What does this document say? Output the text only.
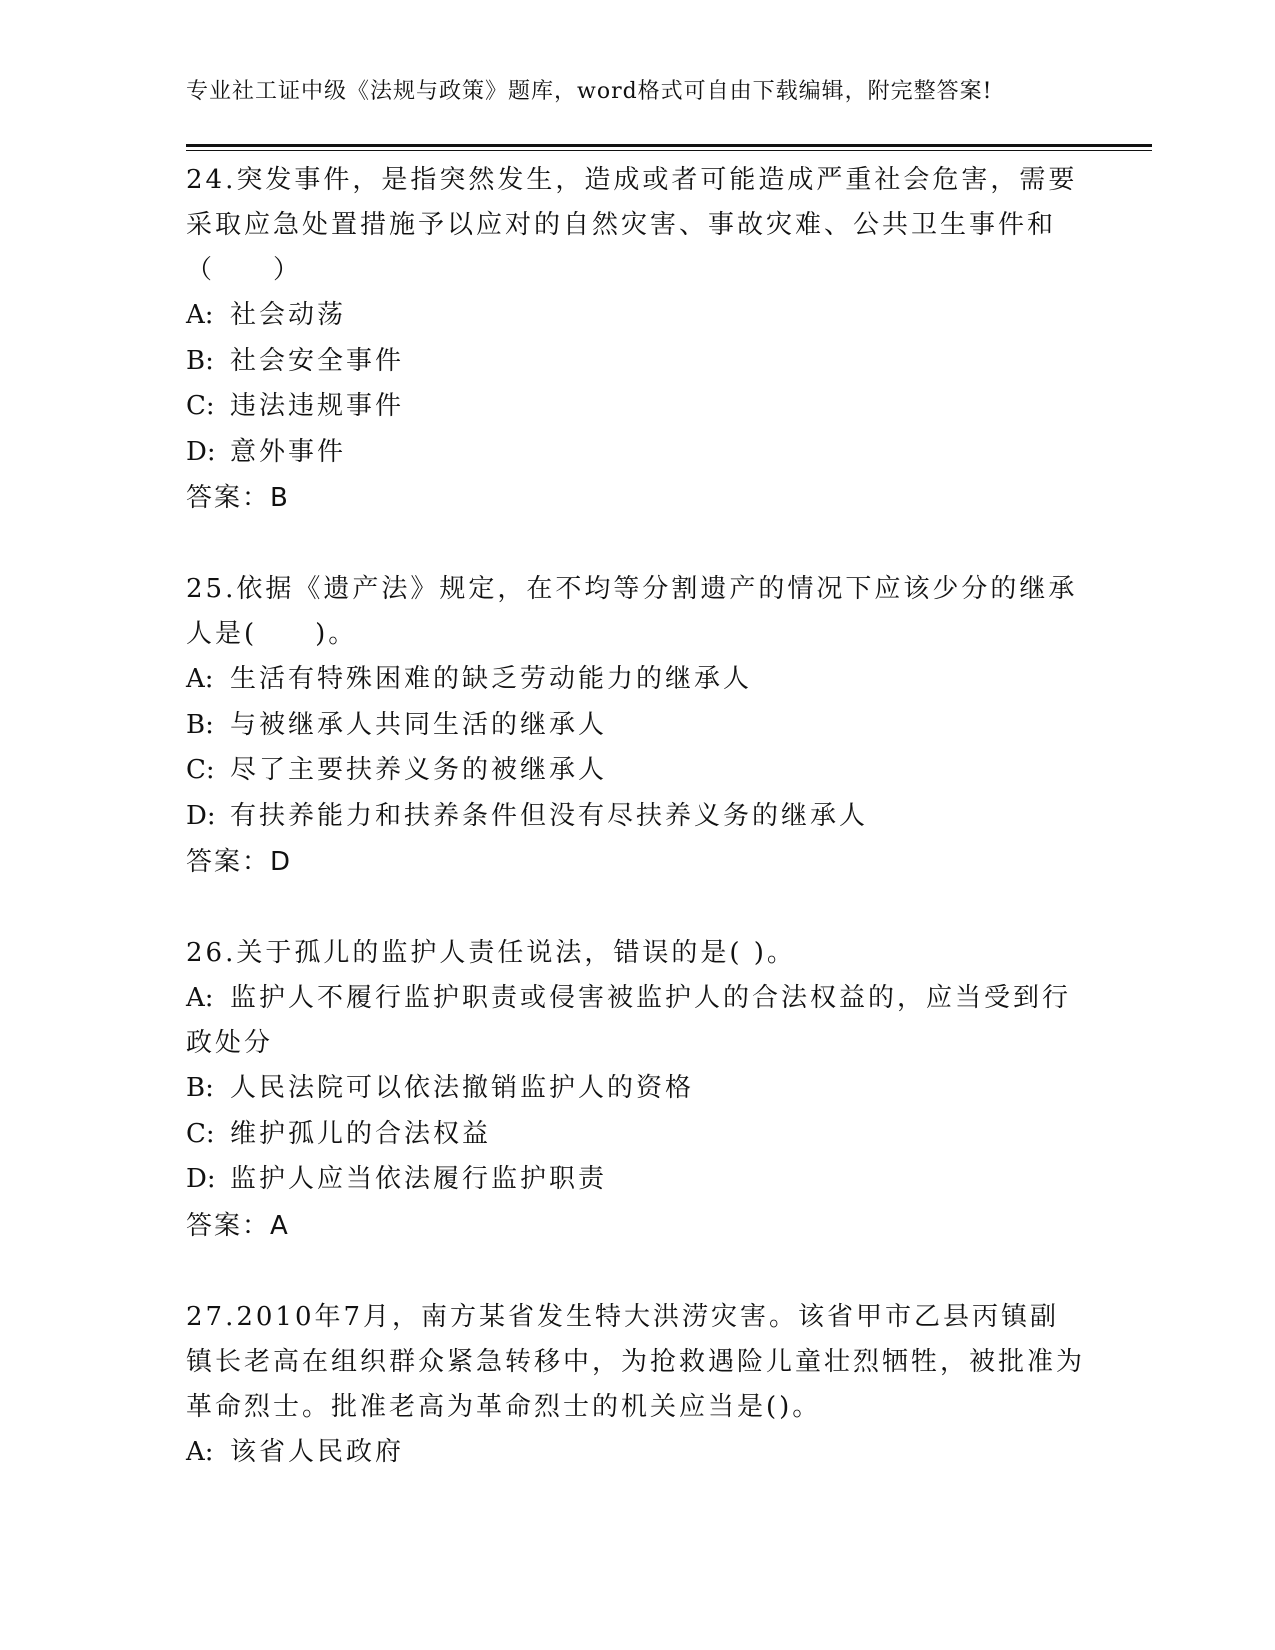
专业社工证中级《法规与政策》题库，word格式可自由下载编辑，附完整答案!
24.突发事件，是指突然发生，造成或者可能造成严重社会危害，需要采取应急处置措施予以应对的自然灾害、事故灾难、公共卫生事件和（　　）
A: 社会动荡
B: 社会安全事件
C: 违法违规事件
D: 意外事件
答案：B
25.依据《遗产法》规定，在不均等分割遗产的情况下应该少分的继承人是(　　)。
A: 生活有特殊困难的缺乏劳动能力的继承人
B: 与被继承人共同生活的继承人
C: 尽了主要扶养义务的被继承人
D: 有扶养能力和扶养条件但没有尽扶养义务的继承人
答案：D
26.关于孤儿的监护人责任说法，错误的是( )。
A: 监护人不履行监护职责或侵害被监护人的合法权益的，应当受到行政处分
B: 人民法院可以依法撤销监护人的资格
C: 维护孤儿的合法权益
D: 监护人应当依法履行监护职责
答案：A
27.2010年7月，南方某省发生特大洪涝灾害。该省甲市乙县丙镇副镇长老高在组织群众紧急转移中，为抢救遇险儿童壮烈牺牲，被批准为革命烈士。批准老高为革命烈士的机关应当是()。
A: 该省人民政府
